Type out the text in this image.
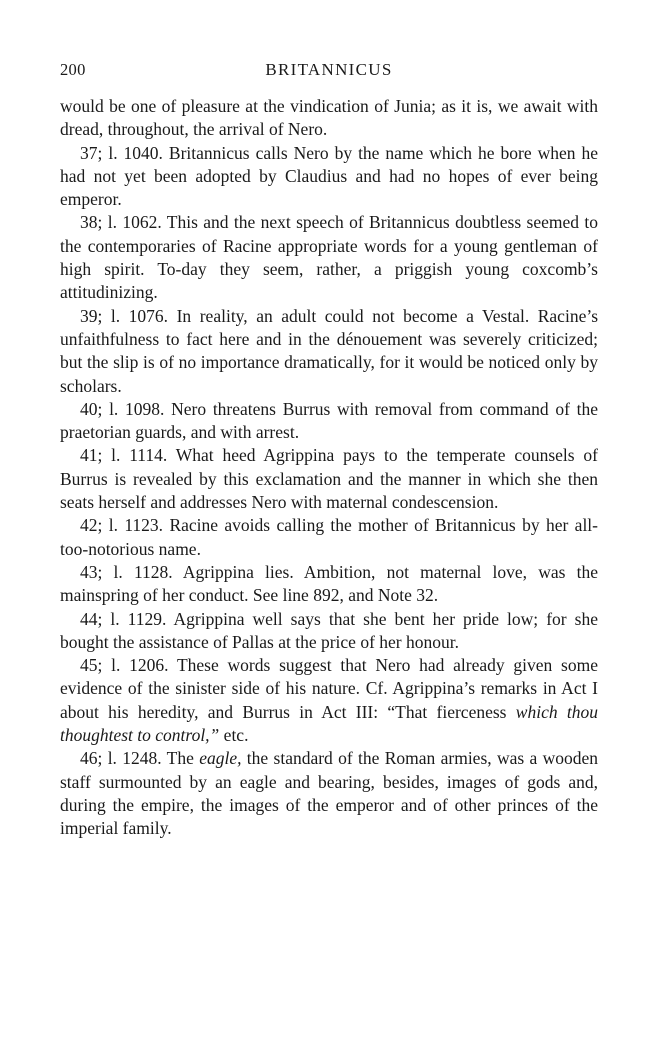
200	BRITANNICUS

would be one of pleasure at the vindication of Junia; as it is, we await with dread, throughout, the arrival of Nero.

37; l. 1040. Britannicus calls Nero by the name which he bore when he had not yet been adopted by Claudius and had no hopes of ever being emperor.

38; l. 1062. This and the next speech of Britannicus doubtless seemed to the contemporaries of Racine appropriate words for a young gentleman of high spirit. To-day they seem, rather, a priggish young coxcomb’s attitudinizing.

39; l. 1076. In reality, an adult could not become a Vestal. Racine’s unfaithfulness to fact here and in the dénouement was severely criticized; but the slip is of no importance dramatically, for it would be noticed only by scholars.

40; l. 1098. Nero threatens Burrus with removal from command of the praetorian guards, and with arrest.

41; l. 1114. What heed Agrippina pays to the temperate counsels of Burrus is revealed by this exclamation and the manner in which she then seats herself and addresses Nero with maternal condescension.

42; l. 1123. Racine avoids calling the mother of Britannicus by her all-too-notorious name.

43; l. 1128. Agrippina lies. Ambition, not maternal love, was the mainspring of her conduct. See line 892, and Note 32.

44; l. 1129. Agrippina well says that she bent her pride low; for she bought the assistance of Pallas at the price of her honour.

45; l. 1206. These words suggest that Nero had already given some evidence of the sinister side of his nature. Cf. Agrippina’s remarks in Act I about his heredity, and Burrus in Act III: “That fierceness which thou thoughtest to control,” etc.

46; l. 1248. The eagle, the standard of the Roman armies, was a wooden staff surmounted by an eagle and bearing, besides, images of gods and, during the empire, the images of the emperor and of other princes of the imperial family.
